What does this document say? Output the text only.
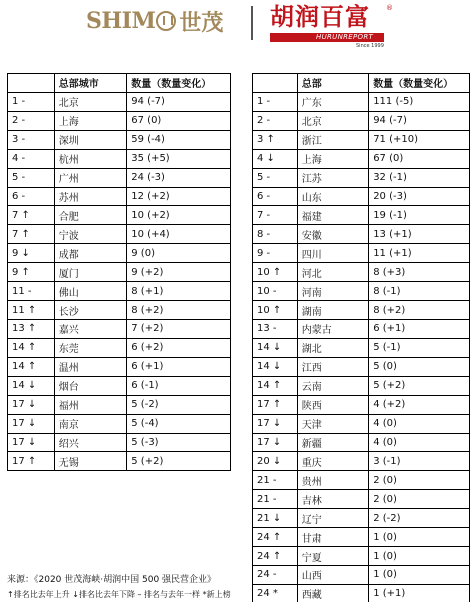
SHIM 世茂 胡润百富	®
HURUNREPORT
Since 1999
	总部城市	数量（数量变化）
1 -	北京	94 (-7)
2 -	上海	67 (0)
3 -	深圳	59 (-4)
4 -	杭州	35 (+5)
5 -	广州	24 (-3)
6 -	苏州	12 (+2)
7 ↑	合肥	10 (+2)
7 ↑	宁波	10 (+4)
9 ↓	成都	9 (0)
9 ↑	厦门	9 (+2)
11 -	佛山	8 (+1)
11 ↑	长沙	8 (+2)
13 ↑	嘉兴	7 (+2)
14 ↑	东莞	6 (+2)
14 ↑	温州	6 (+1)
14 ↓	烟台	6 (-1)
17 ↓	福州	5 (-2)
17 ↓	南京	5 (-4)
17 ↓	绍兴	5 (-3)
17 ↑	无锡	5 (+2)
	总部	数量（数量变化）
1 -	广东	111 (-5)
2 -	北京	94 (-7)
3 ↑	浙江	71 (+10)
4 ↓	上海	67 (0)
5 -	江苏	32 (-1)
6 -	山东	20 (-3)
7 -	福建	19 (-1)
8 -	安徽	13 (+1)
9 -	四川	11 (+1)
10 ↑	河北	8 (+3)
10 -	河南	8 (-1)
10 ↑	湖南	8 (+2)
13 -	内蒙古	6 (+1)
14 ↓	湖北	5 (-1)
14 ↓	江西	5 (0)
14 ↑	云南	5 (+2)
17 ↑	陕西	4 (+2)
17 ↓	天津	4 (0)
17 ↓	新疆	4 (0)
20 ↓	重庆	3 (-1)
21 -	贵州	2 (0)
21 -	吉林	2 (0)
21 ↓	辽宁	2 (-2)
24 ↑	甘肃	1 (0)
24 ↑	宁夏	1 (0)
24 -	山西	1 (0)
24 *	西藏	1 (+1)
来源：《2020 世茂海峡·胡润中国 500 强民营企业》
↑排名比去年上升 ↓排名比去年下降 – 排名与去年一样 *新上榜
